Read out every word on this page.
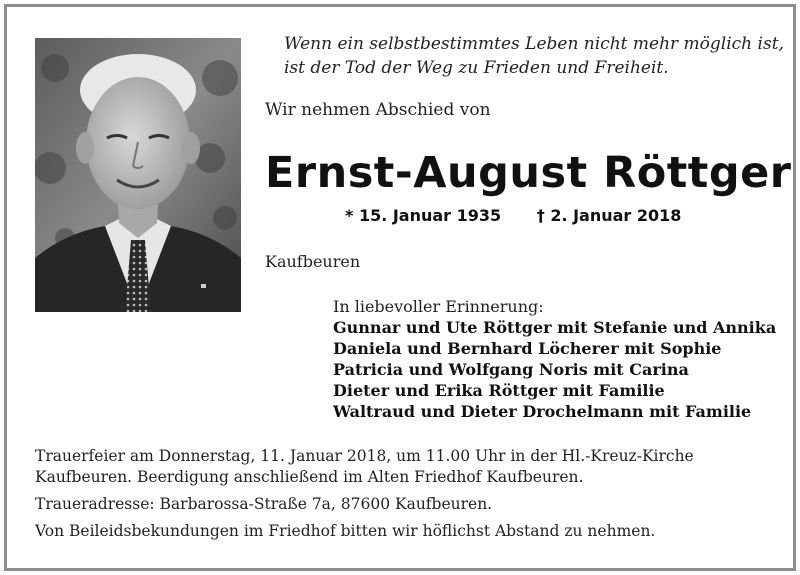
Wenn ein selbstbestimmtes Leben nicht mehr möglich ist,
ist der Tod der Weg zu Frieden und Freiheit.
Wir nehmen Abschied von
Ernst-August Röttger
* 15. Januar 1935 † 2. Januar 2018
Kaufbeuren
In liebevoller Erinnerung:
Gunnar und Ute Röttger mit Stefanie und Annika
Daniela und Bernhard Löcherer mit Sophie
Patricia und Wolfgang Noris mit Carina
Dieter und Erika Röttger mit Familie
Waltraud und Dieter Drochelmann mit Familie

Trauerfeier am Donnerstag, 11. Januar 2018, um 11.00 Uhr in der Hl.-Kreuz-Kirche
Kaufbeuren. Beerdigung anschließend im Alten Friedhof Kaufbeuren.

Traueradresse: Barbarossa-Straße 7a, 87600 Kaufbeuren.

Von Beileidsbekundungen im Friedhof bitten wir höflichst Abstand zu nehmen.
